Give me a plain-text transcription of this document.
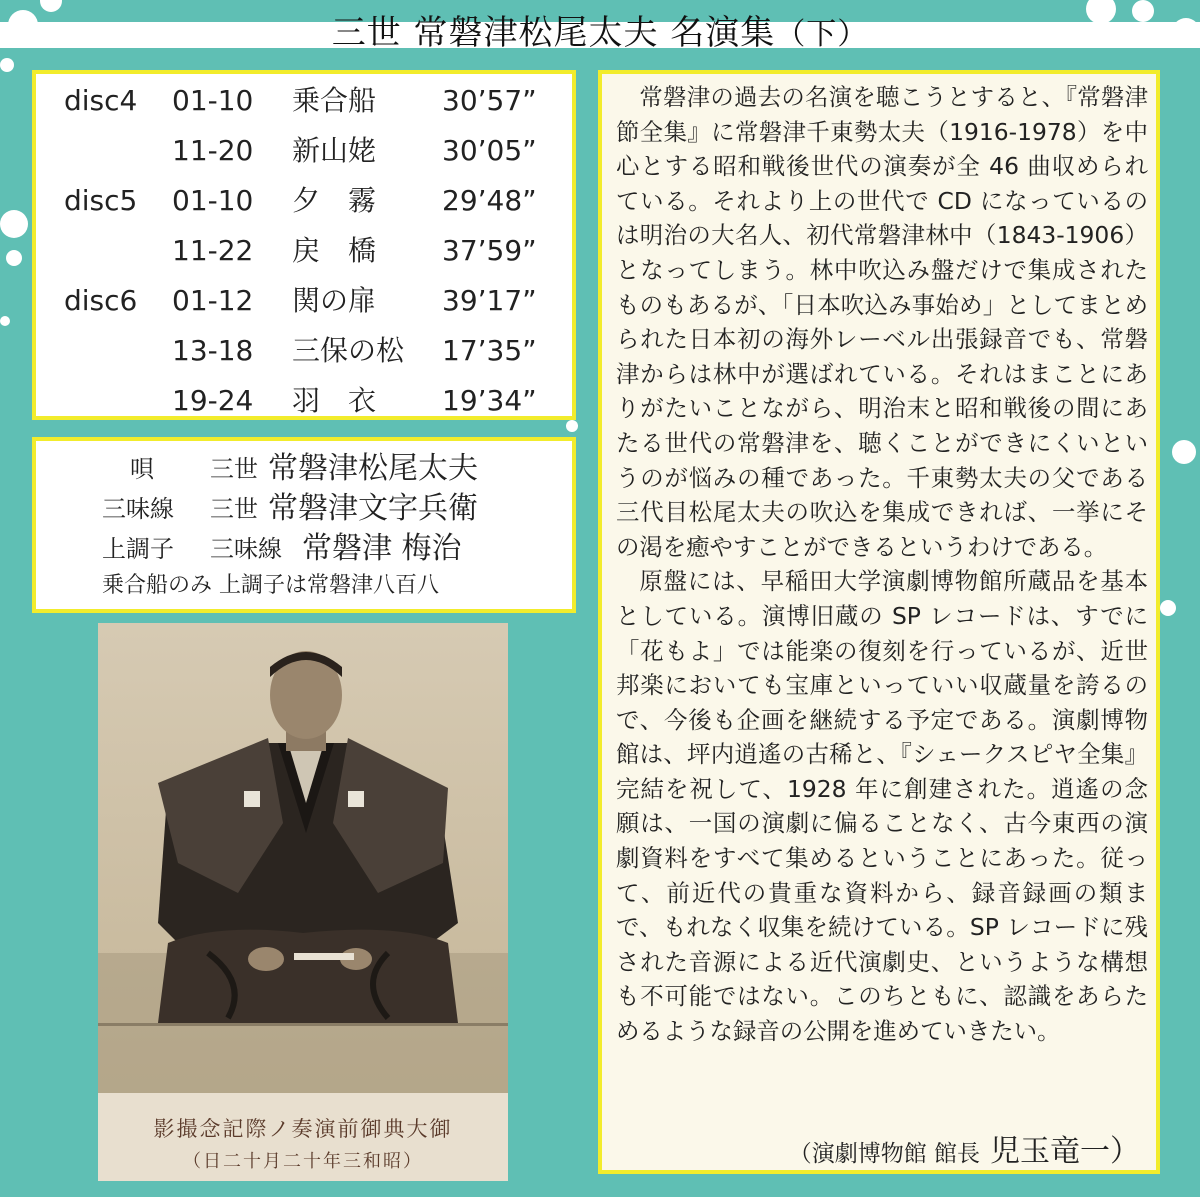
三世 常磐津松尾太夫 名演集（下）
disc4 01-10 乗合船 30’57”
11-20 新山姥 30’05”
disc5 01-10 夕　霧 29’48”
11-22 戻　橋 37’59”
disc6 01-12 関の扉 39’17”
13-18 三保の松 17’35”
19-24 羽　衣 19’34”
唄 三世 常磐津松尾太夫
三味線 三世 常磐津文字兵衛
上調子 三味線 常磐津 梅治
乗合船のみ 上調子は常磐津八百八
影撮念記際ノ奏演前御典大御
（日二十月二十年三和昭）

常磐津の過去の名演を聴こうとすると、『常磐津節全集』に常磐津千東勢太夫（1916-1978）を中心とする昭和戦後世代の演奏が全 46 曲収められている。それより上の世代で CD になっているのは明治の大名人、初代常磐津林中（1843-1906）となってしまう。林中吹込み盤だけで集成されたものもあるが、「日本吹込み事始め」としてまとめられた日本初の海外レーベル出張録音でも、常磐津からは林中が選ばれている。それはまことにありがたいことながら、明治末と昭和戦後の間にあたる世代の常磐津を、聴くことができにくいというのが悩みの種であった。千東勢太夫の父である三代目松尾太夫の吹込を集成できれば、一挙にその渇を癒やすことができるというわけである。

原盤には、早稲田大学演劇博物館所蔵品を基本としている。演博旧蔵の SP レコードは、すでに「花もよ」では能楽の復刻を行っているが、近世邦楽においても宝庫といっていい収蔵量を誇るので、今後も企画を継続する予定である。演劇博物館は、坪内逍遙の古稀と、『シェークスピヤ全集』完結を祝して、1928 年に創建された。逍遙の念願は、一国の演劇に偏ることなく、古今東西の演劇資料をすべて集めるということにあった。従って、前近代の貴重な資料から、録音録画の類まで、もれなく収集を続けている。SP レコードに残された音源による近代演劇史、というような構想も不可能ではない。このちともに、認識をあらためるような録音の公開を進めていきたい。

（演劇博物館 館長 児玉竜一）
